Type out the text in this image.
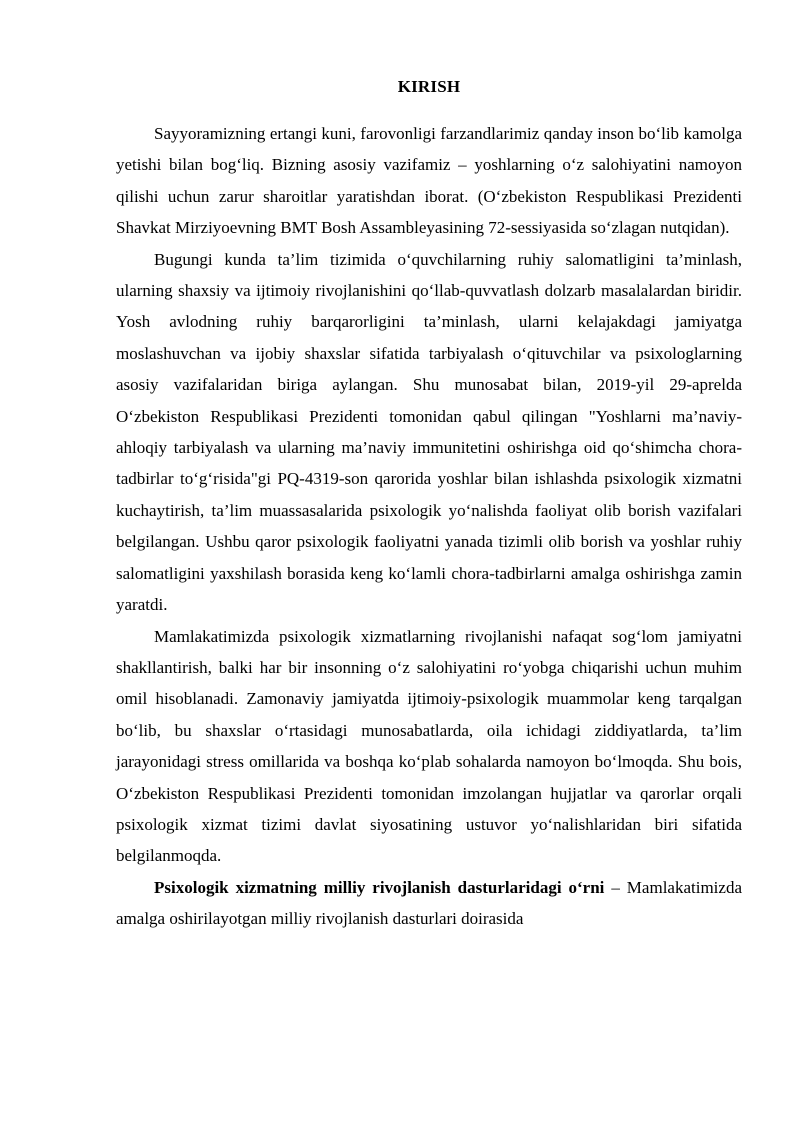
KIRISH

Sayyoramizning ertangi kuni, farovonligi farzandlarimiz qanday inson bo‘lib kamolga yetishi bilan bog‘liq. Bizning asosiy vazifamiz – yoshlarning o‘z salohiyatini namoyon qilishi uchun zarur sharoitlar yaratishdan iborat. (O‘zbekiston Respublikasi Prezidenti Shavkat Mirziyoevning BMT Bosh Assambleyasining 72-sessiyasida so‘zlagan nutqidan).

Bugungi kunda ta’lim tizimida o‘quvchilarning ruhiy salomatligini ta’minlash, ularning shaxsiy va ijtimoiy rivojlanishini qo‘llab-quvvatlash dolzarb masalalardan biridir. Yosh avlodning ruhiy barqarorligini ta’minlash, ularni kelajakdagi jamiyatga moslashuvchan va ijobiy shaxslar sifatida tarbiyalash o‘qituvchilar va psixologlarning asosiy vazifalaridan biriga aylangan. Shu munosabat bilan, 2019-yil 29-aprelda O‘zbekiston Respublikasi Prezidenti tomonidan qabul qilingan "Yoshlarni ma’naviy-ahloqiy tarbiyalash va ularning ma’naviy immunitetini oshirishga oid qo‘shimcha chora-tadbirlar to‘g‘risida"gi PQ-4319-son qarorida yoshlar bilan ishlashda psixologik xizmatni kuchaytirish, ta’lim muassasalarida psixologik yo‘nalishda faoliyat olib borish vazifalari belgilangan. Ushbu qaror psixologik faoliyatni yanada tizimli olib borish va yoshlar ruhiy salomatligini yaxshilash borasida keng ko‘lamli chora-tadbirlarni amalga oshirishga zamin yaratdi.

Mamlakatimizda psixologik xizmatlarning rivojlanishi nafaqat sog‘lom jamiyatni shakllantirish, balki har bir insonning o‘z salohiyatini ro‘yobga chiqarishi uchun muhim omil hisoblanadi. Zamonaviy jamiyatda ijtimoiy-psixologik muammolar keng tarqalgan bo‘lib, bu shaxslar o‘rtasidagi munosabatlarda, oila ichidagi ziddiyatlarda, ta’lim jarayonidagi stress omillarida va boshqa ko‘plab sohalarda namoyon bo‘lmoqda. Shu bois, O‘zbekiston Respublikasi Prezidenti tomonidan imzolangan hujjatlar va qarorlar orqali psixologik xizmat tizimi davlat siyosatining ustuvor yo‘nalishlaridan biri sifatida belgilanmoqda.

Psixologik xizmatning milliy rivojlanish dasturlaridagi o‘rni – Mamlakatimizda amalga oshirilayotgan milliy rivojlanish dasturlari doirasida
